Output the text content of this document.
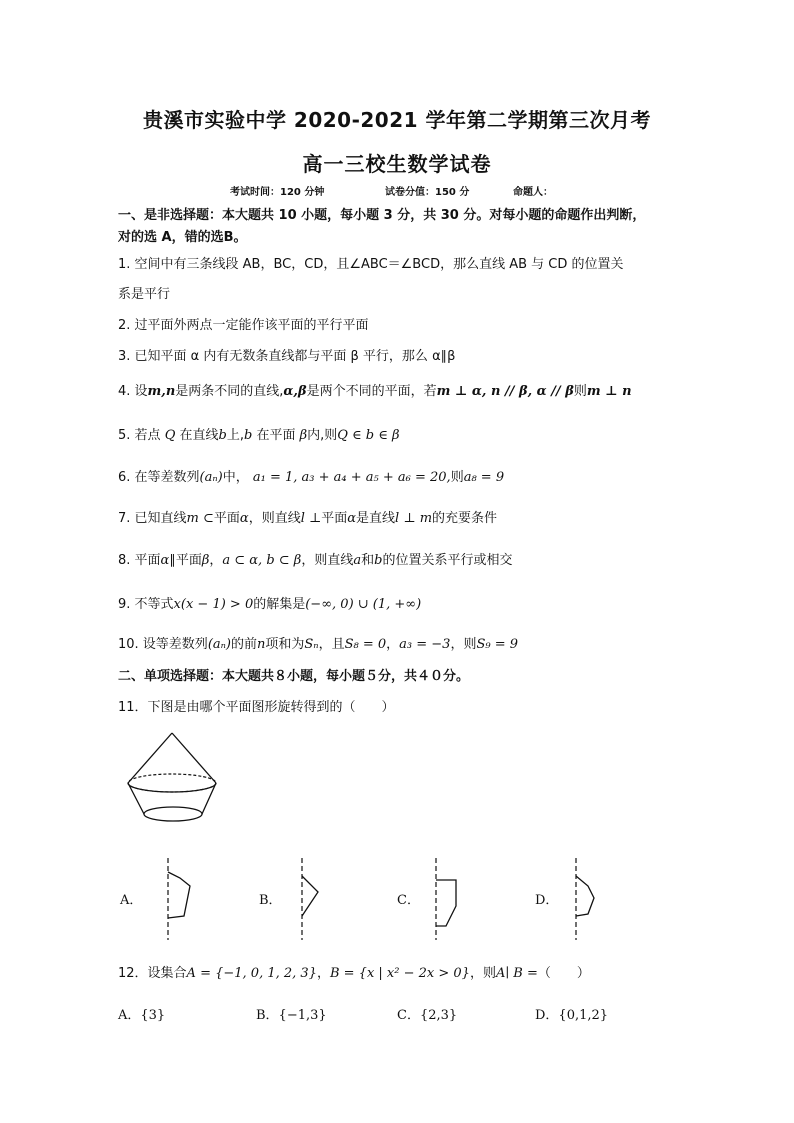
贵溪市实验中学 2020-2021 学年第二学期第三次月考
高一三校生数学试卷
考试时间：120 分钟	试卷分值：150 分	命题人：
一、是非选择题：本大题共 10 小题，每小题 3 分，共 30 分。对每小题的命题作出判断，
对的选 A，错的选B。
1. 空间中有三条线段 AB，BC，CD，且∠ABC＝∠BCD，那么直线 AB 与 CD 的位置关
系是平行
2. 过平面外两点一定能作该平面的平行平面
3. 已知平面 α 内有无数条直线都与平面 β 平行，那么 α∥β
4. 设m,n是两条不同的直线,α,β是两个不同的平面，若m ⊥ α, n // β, α // β则m ⊥ n
5. 若点 Q 在直线b上,b 在平面 β内,则Q ∈ b ∈ β
6. 在等差数列(aₙ)中， a₁ = 1, a₃ + a₄ + a₅ + a₆ = 20,则a₈ = 9
7. 已知直线m ⊂平面α，则直线l ⊥平面α是直线l ⊥ m的充要条件
8. 平面α∥平面β，a ⊂ α, b ⊂ β，则直线a和b的位置关系平行或相交
9. 不等式x(x − 1) > 0的解集是(−∞, 0) ∪ (1, +∞)
10. 设等差数列(aₙ)的前n项和为Sₙ，且S₈ = 0，a₃ = −3，则S₉ = 9
二、单项选择题：本大题共８小题，每小题５分，共４０分。
11．下图是由哪个平面图形旋转得到的（　　）
A．	B．	C．	D．
12．设集合A = {−1, 0, 1, 2, 3}，B = {x | x² − 2x > 0}，则A∣ B =（　　）
A．{3}	B．{−1,3}	C．{2,3}	D．{0,1,2}
